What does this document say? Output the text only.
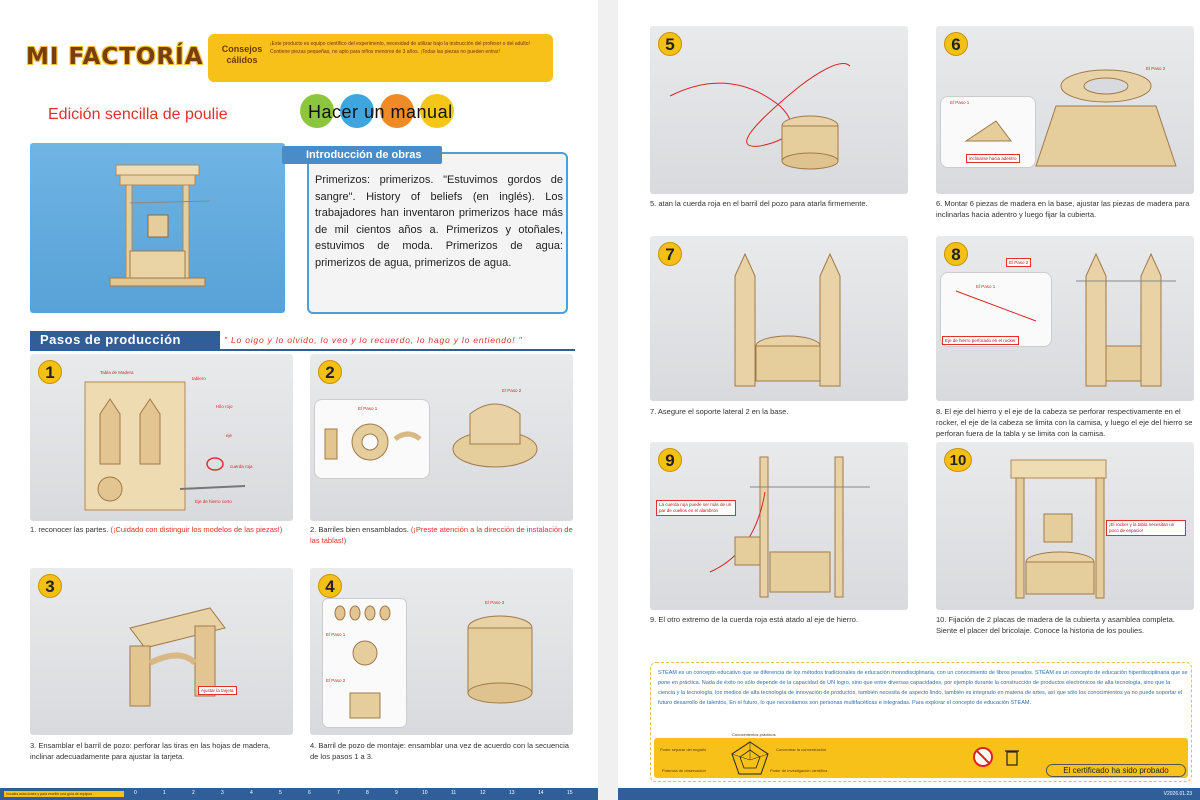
MI FACTORÍA	Consejos cálidos
¡Este producto es equipo científico del experimento, necesidad de utilizar bajo la instrucción del profesor o del adulto! Contiene piezas pequeñas, no apto para niños menores de 3 años. ¡Todas las piezas no pueden entrar!
Edición sencilla de poulie	Hacer un manual
Introducción de obras
Primerizos: primerizos. "Estuvimos gordos de sangre". History of beliefs (en inglés). Los trabajadores han inventaron primerizos hace más de mil cientos años a. Primerizos y otoñales, estuvimos de moda. Primerizos de agua: primerizos de agua, primerizos de agua.
Pasos de producción	" Lo oigo y lo olvido, lo veo y lo recuerdo, lo hago y lo entiendo! "
1	Tabla de Madera
tablero
Hilo rojo
eje
cuerda roja
Eje de hierro corto
1. reconocer las partes. (¡Cuidado con distinguir los modelos de las piezas!)
2
El Paso 1
El Paso 2
2. Barriles bien ensamblados. (¡Preste atención a la dirección de instalación de las tablas!)
3
Ajustar la tarjeta
3. Ensamblar el barril de pozo: perforar las tiras en las hojas de madera, inclinar adecuadamente para ajustar la tarjeta.
4
El Paso 1
El Paso 2
El Paso 3
4. Barril de pozo de montaje: ensamblar una vez de acuerdo con la secuencia de los pasos 1 a 3.
Vocales aranciones y para escribir una guía de equipos	0	1	2	3	4	5	6	7	8	9	10	11	12	13	14	15
5
5. atan la cuerda roja en el barril del pozo para atarla firmemente.
6
El Paso 1
El Paso 2
inclinarse hacia adentro
6. Montar 6 piezas de madera en la base, ajustar las piezas de madera para inclinarlas hacia adentro y luego fijar la cubierta.
7
7. Asegure el soporte lateral 2 en la base.
8
El Paso 1
El Paso 2
Eje de hierro perforado en el rocker
8. El eje del hierro y el eje de la cabeza se perforar respectivamente en el rocker, el eje de la cabeza se limita con la camisa, y luego el eje del hierro se perforan fuera de la tabla y se limita con la camisa.
9
La cuerda roja puede ser más de un par de cuellos en el alambrón
9. El otro extremo de la cuerda roja está atado al eje de hierro.
10
¡El rocker y la tabla necesitan un poco de espacio!
10. Fijación de 2 placas de madera de la cubierta y asamblea completa. Siente el placer del bricolaje. Conoce la historia de los poulies.
STEAM es un concepto educativo que se diferencia de los métodos tradicionales de educación monodisciplinaria, con un conocimiento de libros pesados. STEAM es un concepto de educación hiperdisciplinaria que se pone en práctica. Nada de éxito no sólo depende de la capacidad de UN logro, sino que entre diversas capacidades, por ejemplo durante la construcción de productos electrónicos de alta tecnología, sino que la ciencia y la tecnología, los medios de alta tecnología de innovación de productos, también necesita de aspecto lindo, también es integrado en materia de artes, así que sólo los conocimientos ya no puede soportar el futuro desarrollo de talentos, En el futuro, lo que necesitamos son personas multifacéticas e integradas. Para explorar el concepto de educación STEAM.
Conocimientos prácticos
Poder separar del engaño	Concentrar la concentración
Potencia de observación	Poder de investigación científica	El certificado ha sido probado
V2026.01.23
